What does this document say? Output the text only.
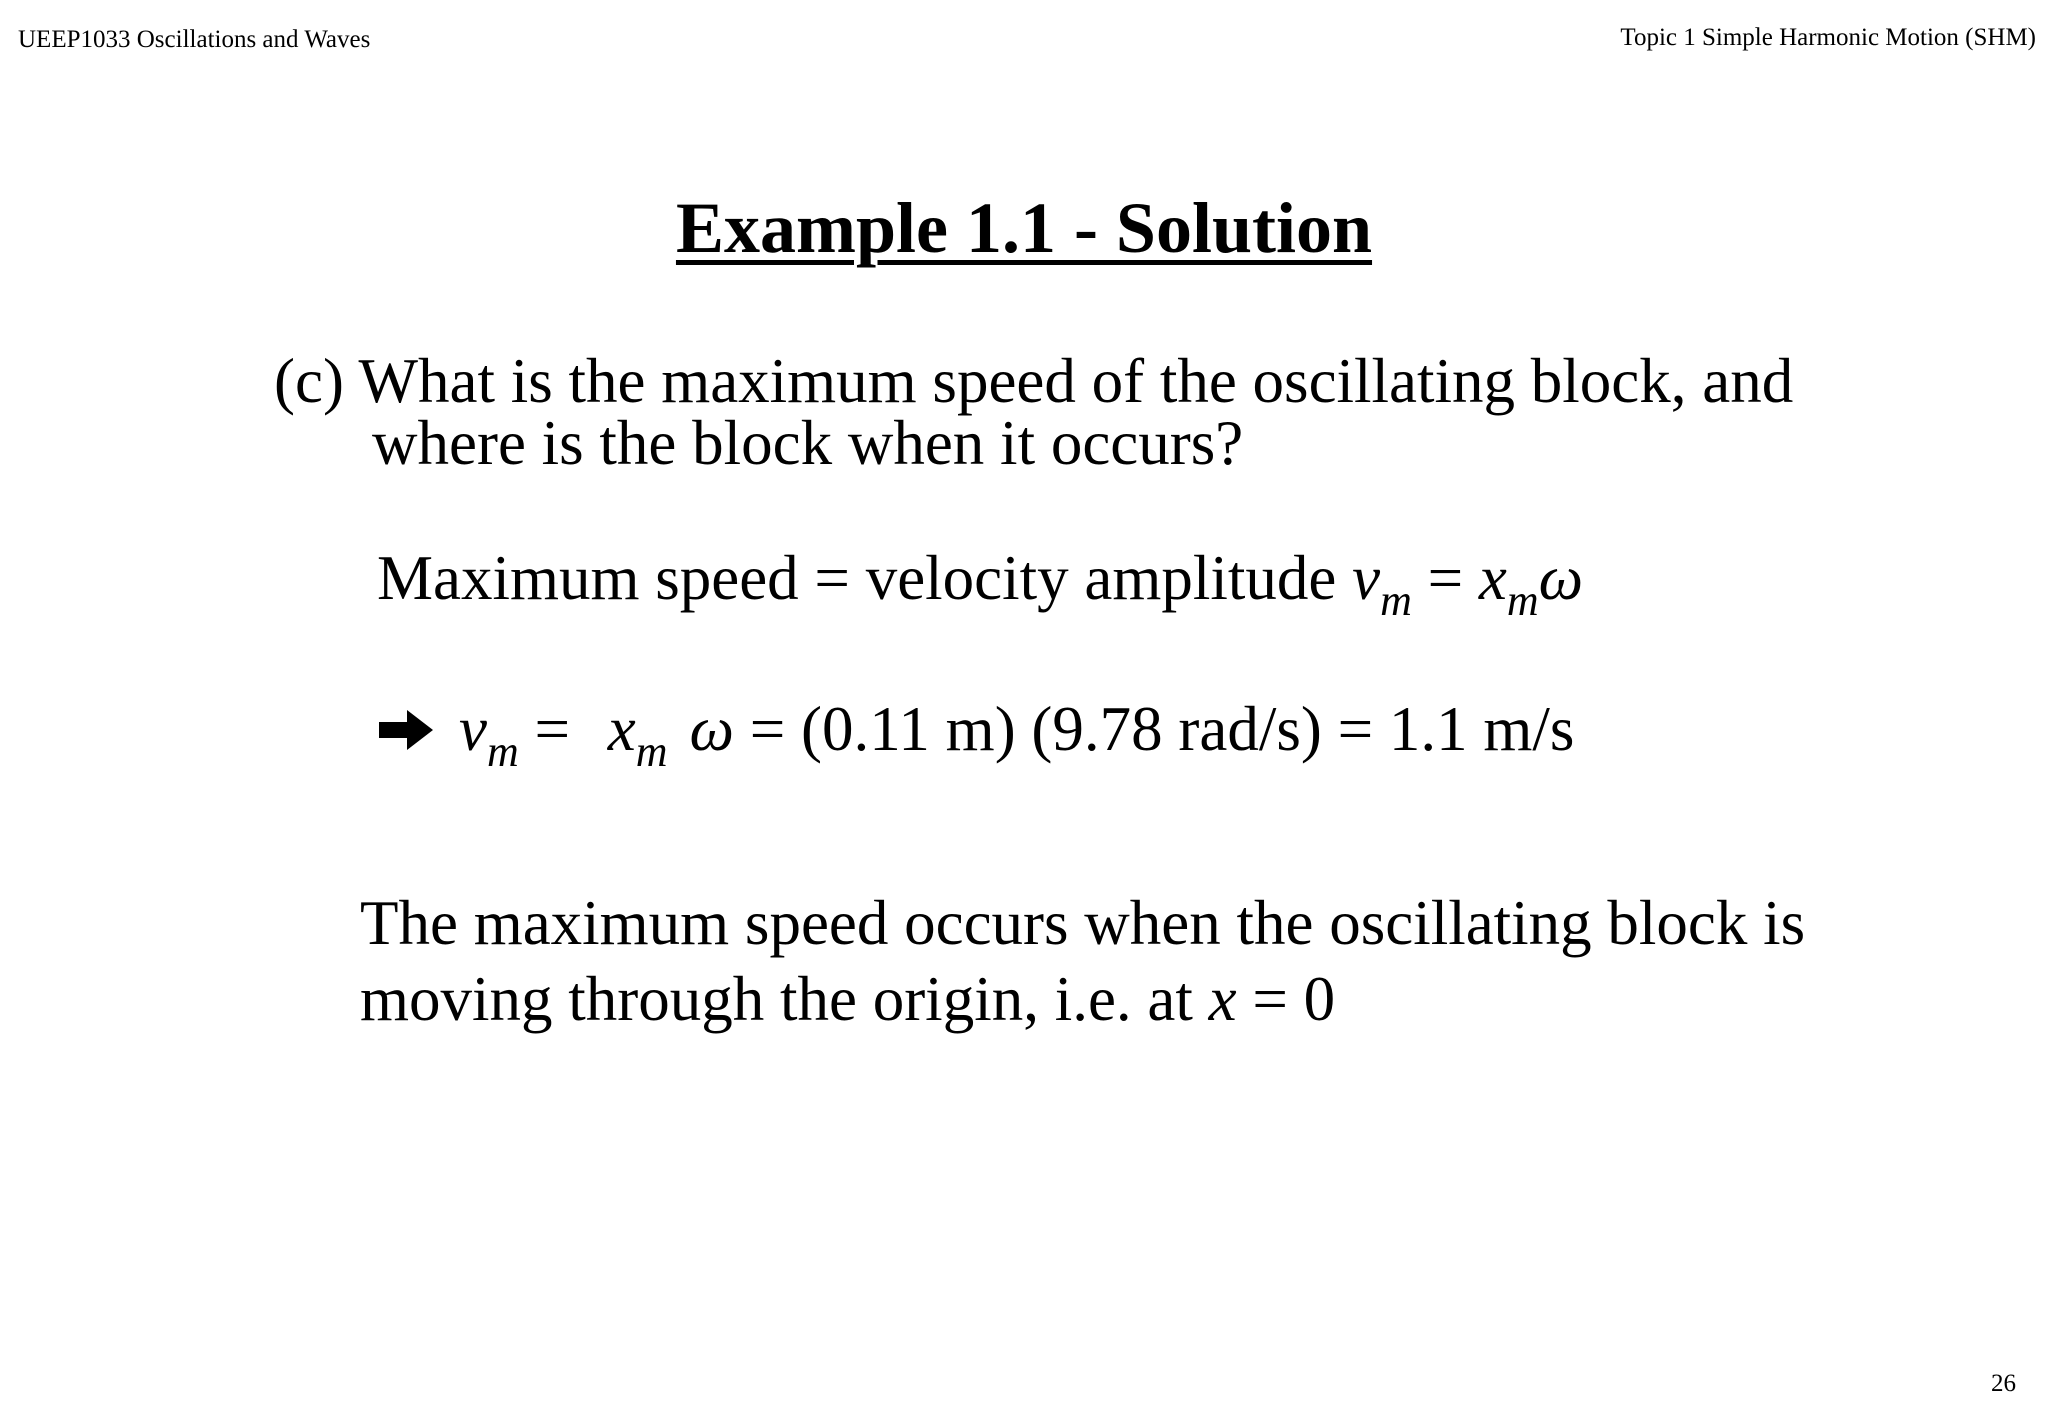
UEEP1033 Oscillations and Waves	Topic 1 Simple Harmonic Motion (SHM)
Example 1.1 - Solution
(c) What is the maximum speed of the oscillating block, and
where is the block when it occurs?
Maximum speed = velocity amplitude $v_m = x_m\omega$
$v_m = x_m$ ω = (0.11 m) (9.78 rad/s) = 1.1 m/s
The maximum speed occurs when the oscillating block is
moving through the origin, i.e. at x = 0
26
